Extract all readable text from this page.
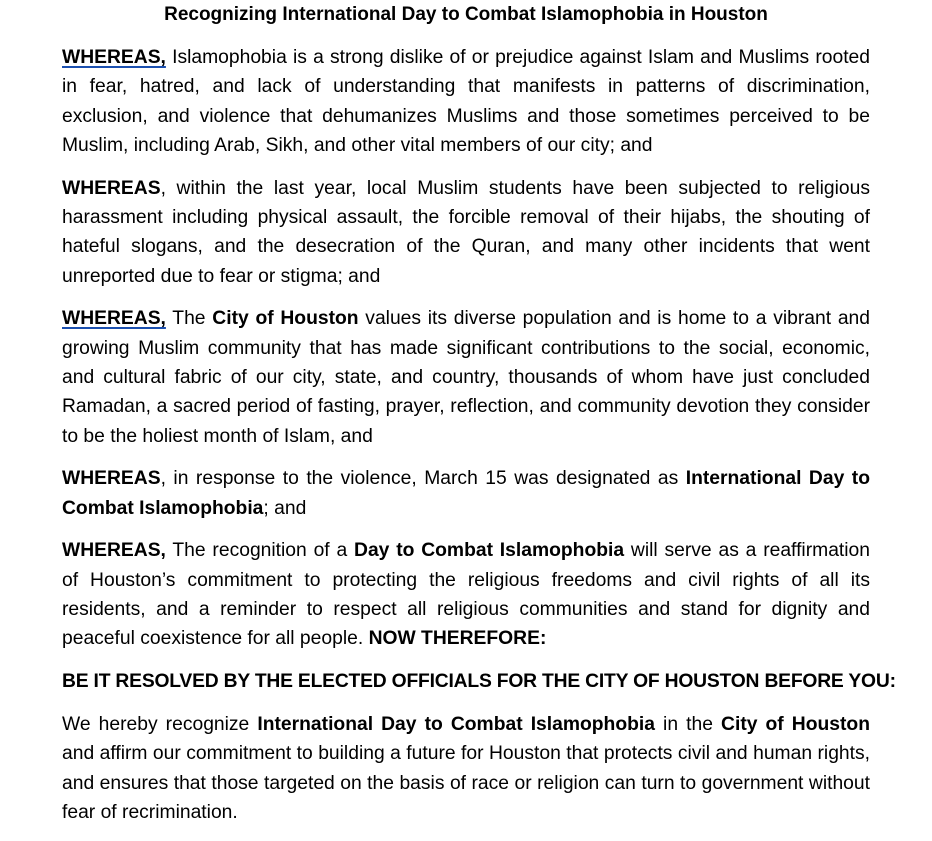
Recognizing International Day to Combat Islamophobia in Houston

WHEREAS, Islamophobia is a strong dislike of or prejudice against Islam and Muslims rooted in fear, hatred, and lack of understanding that manifests in patterns of discrimination, exclusion, and violence that dehumanizes Muslims and those sometimes perceived to be Muslim, including Arab, Sikh, and other vital members of our city; and

WHEREAS, within the last year, local Muslim students have been subjected to religious harassment including physical assault, the forcible removal of their hijabs, the shouting of hateful slogans, and the desecration of the Quran, and many other incidents that went unreported due to fear or stigma; and

WHEREAS, The City of Houston values its diverse population and is home to a vibrant and growing Muslim community that has made significant contributions to the social, economic, and cultural fabric of our city, state, and country, thousands of whom have just concluded Ramadan, a sacred period of fasting, prayer, reflection, and community devotion they consider to be the holiest month of Islam, and

WHEREAS, in response to the violence, March 15 was designated as International Day to Combat Islamophobia; and

WHEREAS, The recognition of a Day to Combat Islamophobia will serve as a reaffirmation of Houston’s commitment to protecting the religious freedoms and civil rights of all its residents, and a reminder to respect all religious communities and stand for dignity and peaceful coexistence for all people. NOW THEREFORE:

BE IT RESOLVED BY THE ELECTED OFFICIALS FOR THE CITY OF HOUSTON BEFORE YOU:

We hereby recognize International Day to Combat Islamophobia in the City of Houston and affirm our commitment to building a future for Houston that protects civil and human rights, and ensures that those targeted on the basis of race or religion can turn to government without fear of recrimination.
